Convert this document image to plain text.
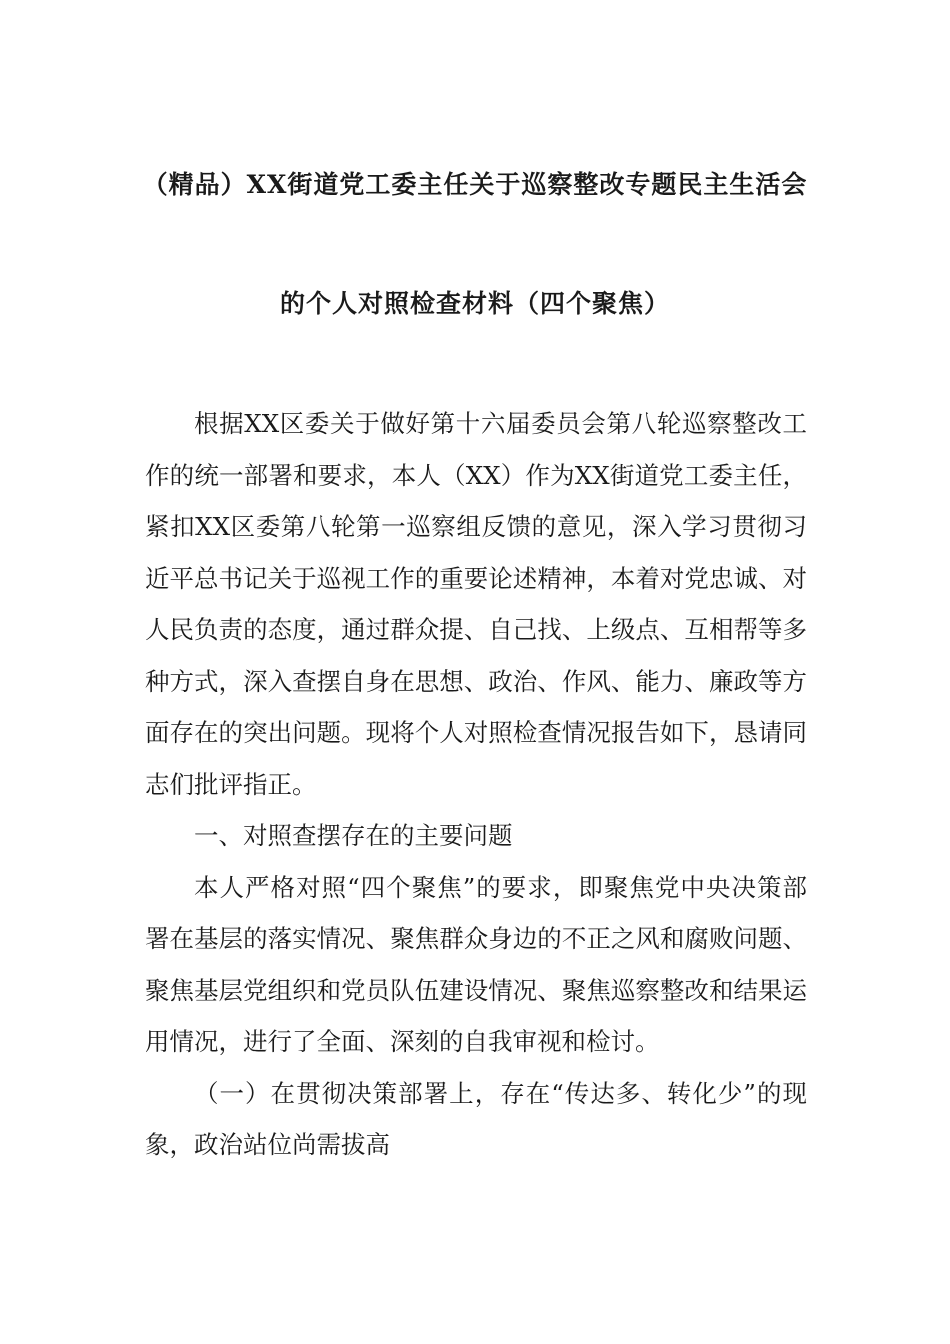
（精品）XX街道党工委主任关于巡察整改专题民主生活会
的个人对照检查材料（四个聚焦）

根据XX区委关于做好第十六届委员会第八轮巡察整改工作的统一部署和要求，本人（XX）作为XX街道党工委主任，紧扣XX区委第八轮第一巡察组反馈的意见，深入学习贯彻习近平总书记关于巡视工作的重要论述精神，本着对党忠诚、对人民负责的态度，通过群众提、自己找、上级点、互相帮等多种方式，深入查摆自身在思想、政治、作风、能力、廉政等方面存在的突出问题。现将个人对照检查情况报告如下，恳请同志们批评指正。

一、对照查摆存在的主要问题

本人严格对照“四个聚焦”的要求，即聚焦党中央决策部署在基层的落实情况、聚焦群众身边的不正之风和腐败问题、聚焦基层党组织和党员队伍建设情况、聚焦巡察整改和结果运用情况，进行了全面、深刻的自我审视和检讨。

（一）在贯彻决策部署上，存在“传达多、转化少”的现象，政治站位尚需拔高
